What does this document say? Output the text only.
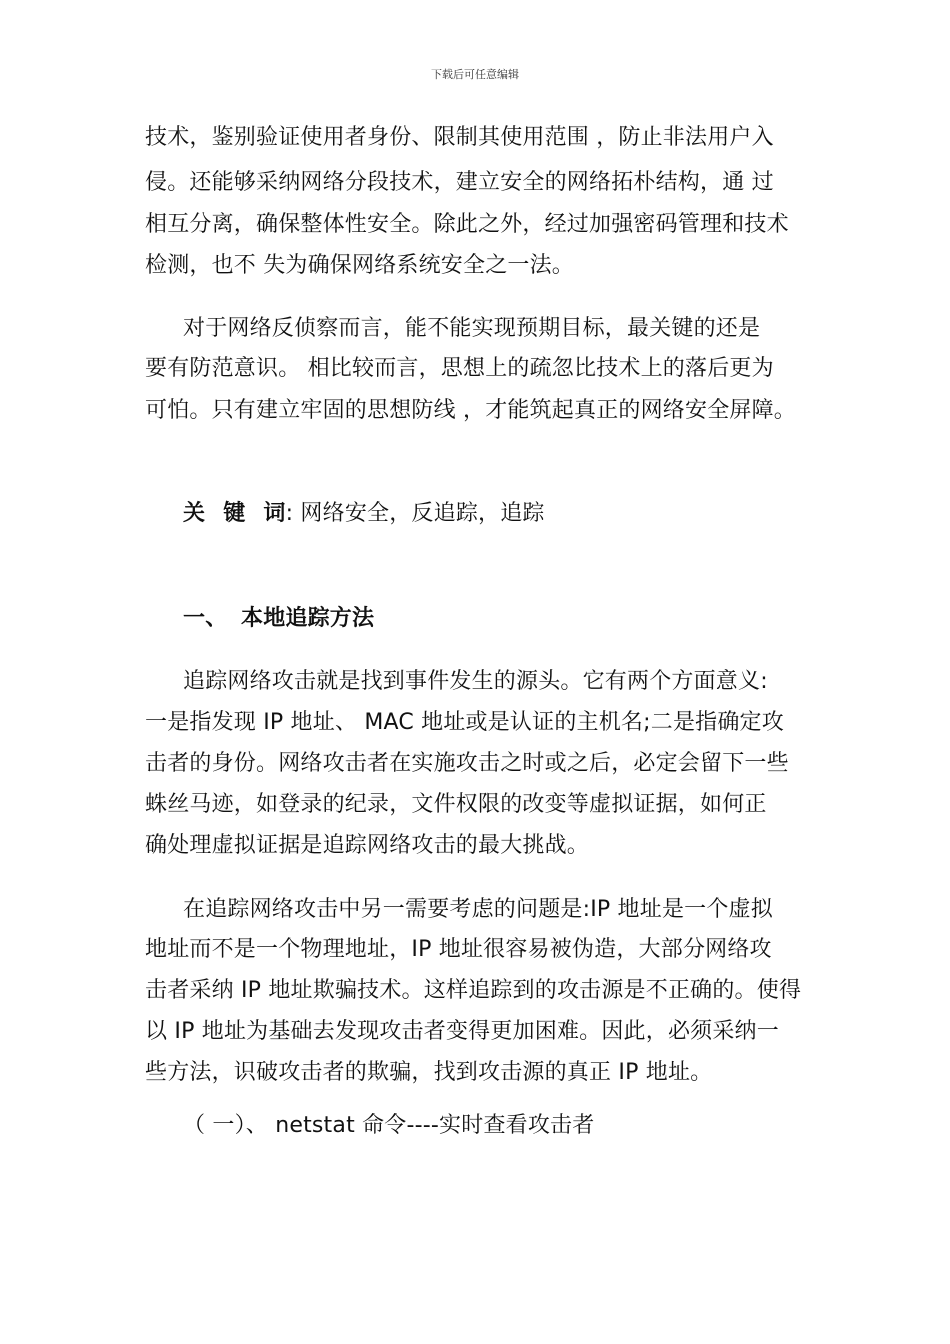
下载后可任意编辑
技术，鉴别验证使用者身份、限制其使用范围 ，防止非法用户入
侵。还能够采纳网络分段技术，建立安全的网络拓朴结构，通 过
相互分离，确保整体性安全。除此之外，经过加强密码管理和技术
检测，也不 失为确保网络系统安全之一法。
对于网络反侦察而言，能不能实现预期目标，最关键的还是
要有防范意识。 相比较而言，思想上的疏忽比技术上的落后更为
可怕。只有建立牢固的思想防线 ，才能筑起真正的网络安全屏障。
关 键 词: 网络安全，反追踪，追踪
一、 本地追踪方法
追踪网络攻击就是找到事件发生的源头。它有两个方面意义:
一是指发现 IP 地址、 MAC 地址或是认证的主机名;二是指确定攻
击者的身份。网络攻击者在实施攻击之时或之后，必定会留下一些
蛛丝马迹，如登录的纪录，文件权限的改变等虚拟证据，如何正
确处理虚拟证据是追踪网络攻击的最大挑战。
在追踪网络攻击中另一需要考虑的问题是:IP 地址是一个虚拟
地址而不是一个物理地址，IP 地址很容易被伪造，大部分网络攻
击者采纳 IP 地址欺骗技术。这样追踪到的攻击源是不正确的。使得
以 IP 地址为基础去发现攻击者变得更加困难。因此，必须采纳一
些方法，识破攻击者的欺骗，找到攻击源的真正 IP 地址。
（ 一）、 netstat 命令----实时查看攻击者
